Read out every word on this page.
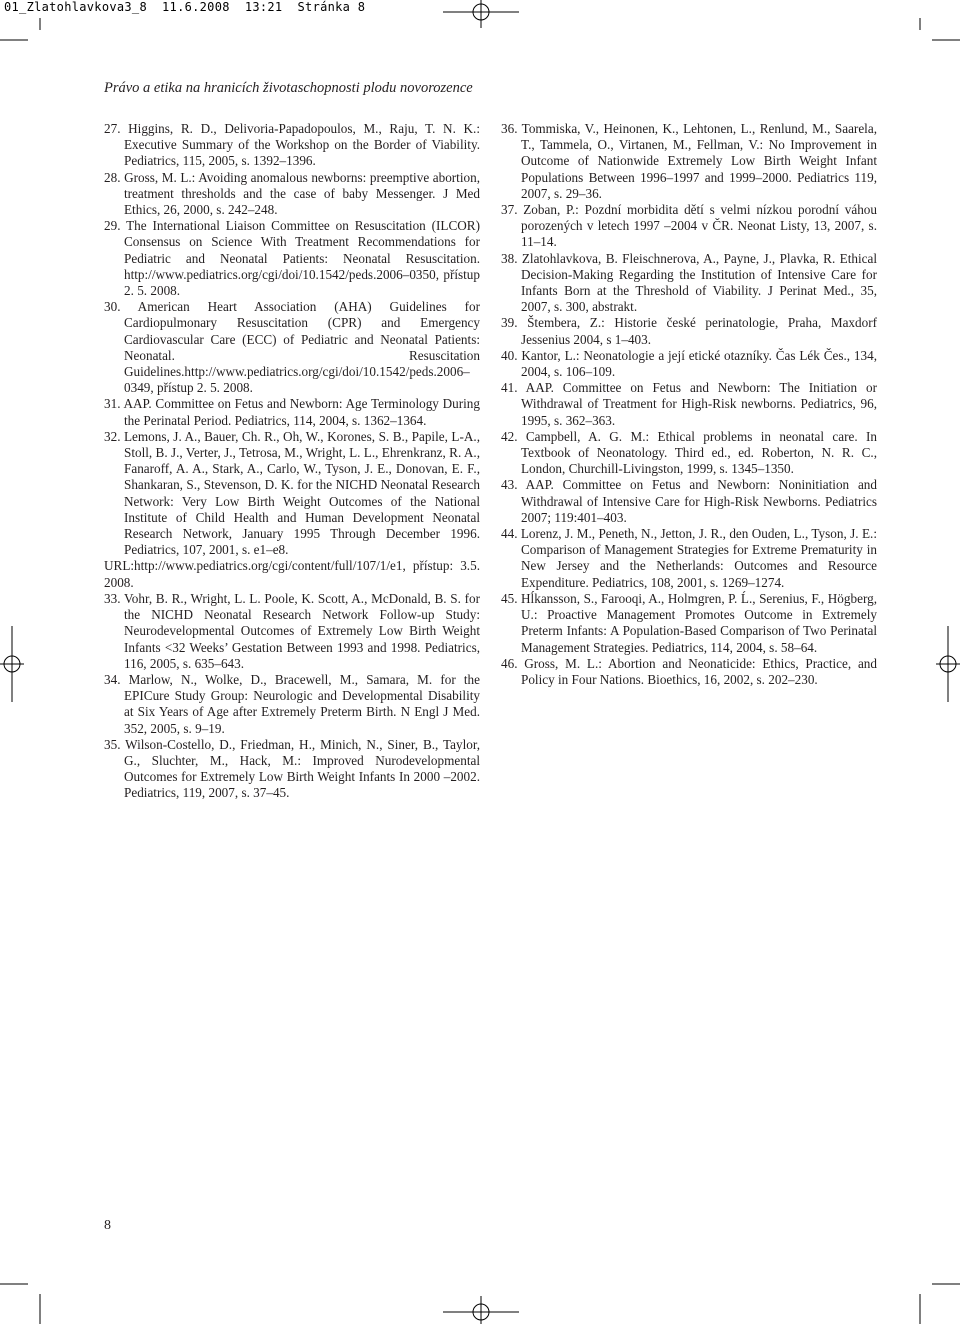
01_Zlatohlavkova3_8 11.6.2008 13:21 Stránka 8
Právo a etika na hranicích životaschopnosti plodu novorozence

27. Higgins, R. D., Delivoria-Papadopoulos, M., Raju, T. N. K.: Executive Summary of the Workshop on the Border of Viability. Pediatrics, 115, 2005, s. 1392–1396.

28. Gross, M. L.: Avoiding anomalous newborns: preemptive abortion, treatment thresholds and the case of baby Messenger. J Med Ethics, 26, 2000, s. 242–248.

29. The International Liaison Committee on Resuscitation (ILCOR) Consensus on Science With Treatment Recommendations for Pediatric and Neonatal Patients: Neonatal Resuscitation. http://www.pediatrics.org/cgi/doi/10.1542/peds.2006–0350, přístup 2. 5. 2008.

30. American Heart Association (AHA) Guidelines for Cardiopulmonary Resuscitation (CPR) and Emergency Cardiovascular Care (ECC) of Pediatric and Neonatal Patients: Neonatal. Resuscitation Guidelines.http://www.pediatrics.org/cgi/doi/10.1542/peds.2006–0349, přístup 2. 5. 2008.

31. AAP. Committee on Fetus and Newborn: Age Terminology During the Perinatal Period. Pediatrics, 114, 2004, s. 1362–1364.

32. Lemons, J. A., Bauer, Ch. R., Oh, W., Korones, S. B., Papile, L-A., Stoll, B. J., Verter, J., Tetrosa, M., Wright, L. L., Ehrenkranz, R. A., Fanaroff, A. A., Stark, A., Carlo, W., Tyson, J. E., Donovan, E. F., Shankaran, S., Stevenson, D. K. for the NICHD Neonatal Research Network: Very Low Birth Weight Outcomes of the National Institute of Child Health and Human Development Neonatal Research Network, January 1995 Through December 1996. Pediatrics, 107, 2001, s. e1–e8.

URL:http://www.pediatrics.org/cgi/content/full/107/1/e1, přístup: 3.5. 2008.

33. Vohr, B. R., Wright, L. L. Poole, K. Scott, A., McDonald, B. S. for the NICHD Neonatal Research Network Follow-up Study: Neurodevelopmental Outcomes of Extremely Low Birth Weight Infants <32 Weeks’ Gestation Between 1993 and 1998. Pediatrics, 116, 2005, s. 635–643.

34. Marlow, N., Wolke, D., Bracewell, M., Samara, M. for the EPICure Study Group: Neurologic and Developmental Disability at Six Years of Age after Extremely Preterm Birth. N Engl J Med. 352, 2005, s. 9–19.

35. Wilson-Costello, D., Friedman, H., Minich, N., Siner, B., Taylor, G., Sluchter, M., Hack, M.: Improved Nurodevelopmental Outcomes for Extremely Low Birth Weight Infants In 2000 –2002. Pediatrics, 119, 2007, s. 37–45.

36. Tommiska, V., Heinonen, K., Lehtonen, L., Renlund, M., Saarela, T., Tammela, O., Virtanen, M., Fellman, V.: No Improvement in Outcome of Nationwide Extremely Low Birth Weight Infant Populations Between 1996–1997 and 1999–2000. Pediatrics 119, 2007, s. 29–36.

37. Zoban, P.: Pozdní morbidita dětí s velmi nízkou porodní váhou porozených v letech 1997 –2004 v ČR. Neonat Listy, 13, 2007, s. 11–14.

38. Zlatohlavkova, B. Fleischnerova, A., Payne, J., Plavka, R. Ethical Decision-Making Regarding the Institution of Intensive Care for Infants Born at the Threshold of Viability. J Perinat Med., 35, 2007, s. 300, abstrakt.

39. Štembera, Z.: Historie české perinatologie, Praha, Maxdorf Jessenius 2004, s 1–403.

40. Kantor, L.: Neonatologie a její etické otazníky. Čas Lék Čes., 134, 2004, s. 106–109.

41. AAP. Committee on Fetus and Newborn: The Initiation or Withdrawal of Treatment for High-Risk newborns. Pediatrics, 96, 1995, s. 362–363.

42. Campbell, A. G. M.: Ethical problems in neonatal care. In Textbook of Neonatology. Third ed., ed. Roberton, N. R. C., London, Churchill-Livingston, 1999, s. 1345–1350.

43. AAP. Committee on Fetus and Newborn: Noninitiation and Withdrawal of Intensive Care for High-Risk Newborns. Pediatrics 2007; 119:401–403.

44. Lorenz, J. M., Peneth, N., Jetton, J. R., den Ouden, L., Tyson, J. E.: Comparison of Management Strategies for Extreme Prematurity in New Jersey and the Netherlands: Outcomes and Resource Expenditure. Pediatrics, 108, 2001, s. 1269–1274.

45. Hĺkansson, S., Farooqi, A., Holmgren, P. Ĺ., Serenius, F., Högberg, U.: Proactive Management Promotes Outcome in Extremely Preterm Infants: A Population-Based Comparison of Two Perinatal Management Strategies. Pediatrics, 114, 2004, s. 58–64.

46. Gross, M. L.: Abortion and Neonaticide: Ethics, Practice, and Policy in Four Nations. Bioethics, 16, 2002, s. 202–230.

8
